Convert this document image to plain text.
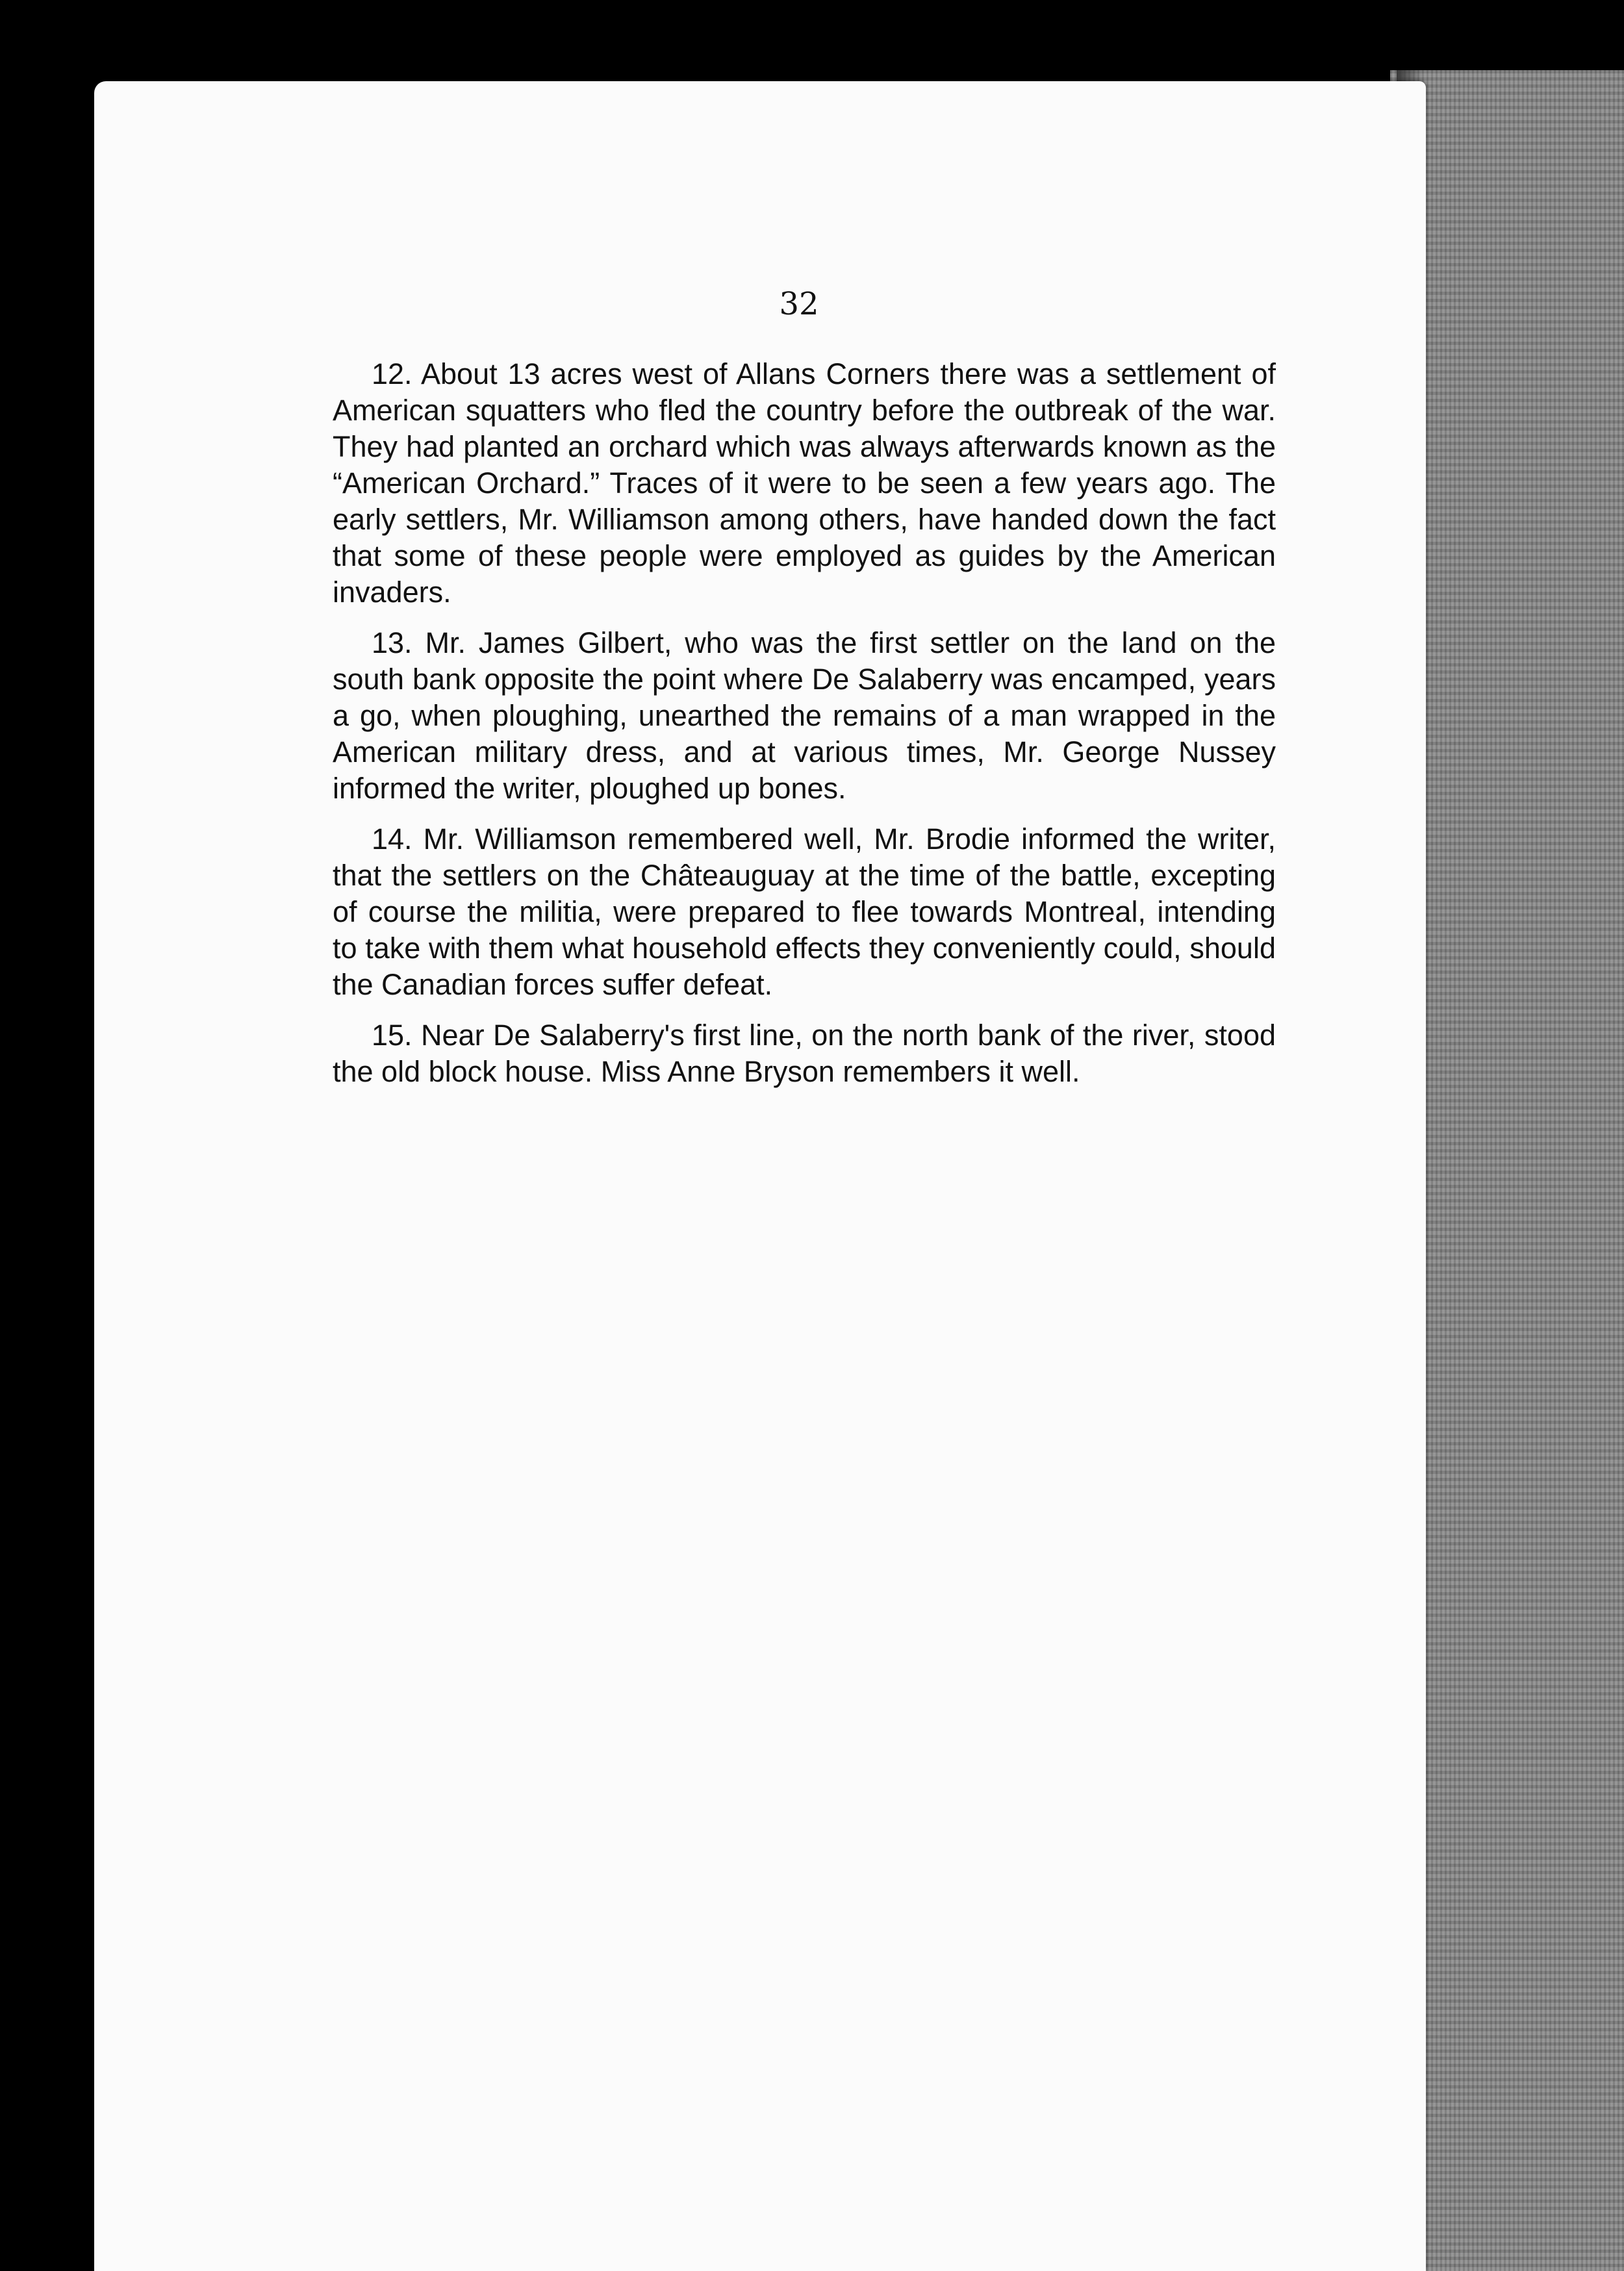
32

12. About 13 acres west of Allans Corners there was a settlement of American squatters who fled the country before the outbreak of the war. They had planted an orchard which was always afterwards known as the “American Orchard.” Traces of it were to be seen a few years ago. The early settlers, Mr. Williamson among others, have handed down the fact that some of these people were employed as guides by the American invaders.

13. Mr. James Gilbert, who was the first settler on the land on the south bank opposite the point where De Salaberry was encamped, years a go, when ploughing, unearthed the remains of a man wrapped in the American military dress, and at various times, Mr. George Nussey informed the writer, ploughed up bones.

14. Mr. Williamson remembered well, Mr. Brodie informed the writer, that the settlers on the Châteauguay at the time of the battle, excepting of course the militia, were prepared to flee towards Montreal, intending to take with them what household effects they conveniently could, should the Canadian forces suffer defeat.

15. Near De Salaberry's first line, on the north bank of the river, stood the old block house. Miss Anne Bryson remembers it well.
